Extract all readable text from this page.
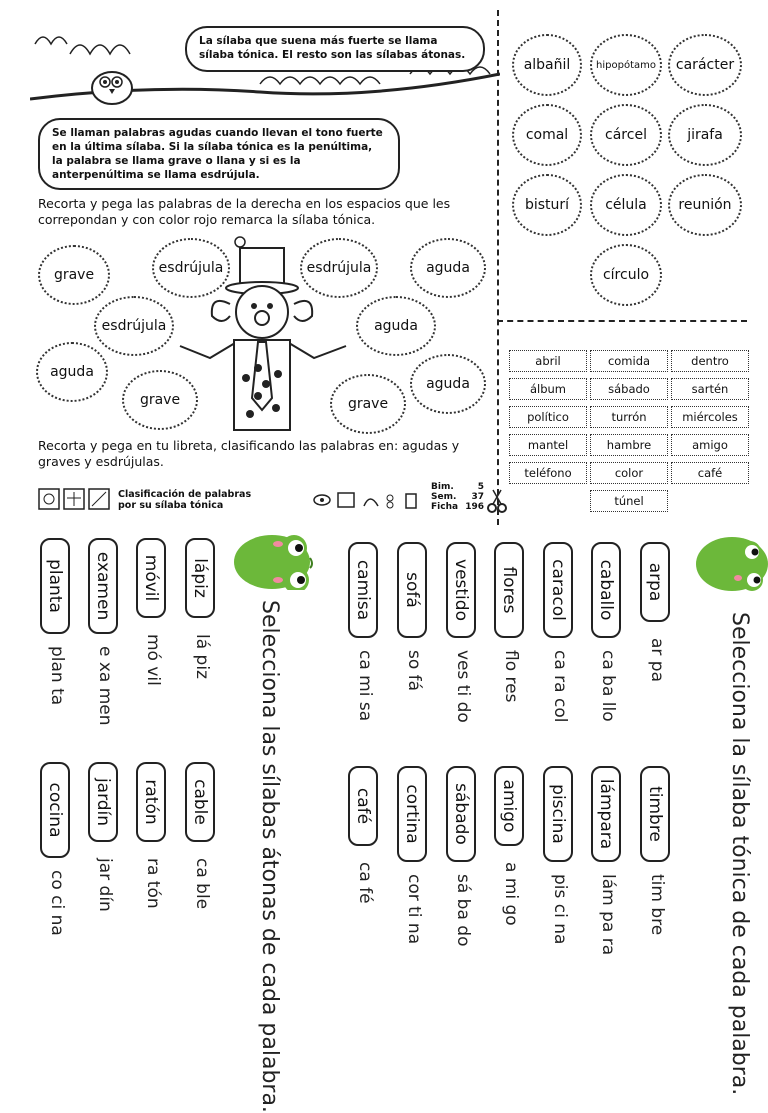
La sílaba que suena más fuerte se llama sílaba tónica. El resto son las sílabas átonas.
Se llaman palabras agudas cuando llevan el tono fuerte en la última sílaba. Si la sílaba tónica es la penúltima, la palabra se llama grave o llana y si es la anterpenúltima se llama esdrújula.
Recorta y pega las palabras de la derecha en los espacios que les correpondan y con color rojo remarca la sílaba tónica.
grave	esdrújula	esdrújula	aguda
esdrújula	aguda
aguda
aguda
grave	grave
Recorta y pega en tu libreta, clasificando las palabras en: agudas y graves y esdrújulas.
Clasificación de palabras por su sílaba tónica
Bim.
Sem.
Ficha
5
37
196
albañil	hipopótamo	carácter
comal	cárcel	jirafa
bisturí	célula	reunión
círculo
abril	comida	dentro
álbum	sábado	sartén
político	turrón	miércoles
mantel	hambre	amigo
teléfono	color	café
túnel
Selecciona las sílabas átonas de cada palabra.
lápiz
lá piz
móvil
mó vil
examen
e xa men
planta
plan ta
cable
ca ble
ratón
ra tón
jardín
jar dín
cocina
co ci na	Selecciona la sílaba tónica de cada palabra.
arpa
ar pa
caballo
ca ba llo
caracol
ca ra col
flores
flo res
vestido
ves ti do
sofá
so fá
camisa
ca mi sa
timbre
tim bre
lámpara
lám pa ra
piscina
pis ci na
amigo
a mi go
sábado
sá ba do
cortina
cor ti na
café
ca fé
